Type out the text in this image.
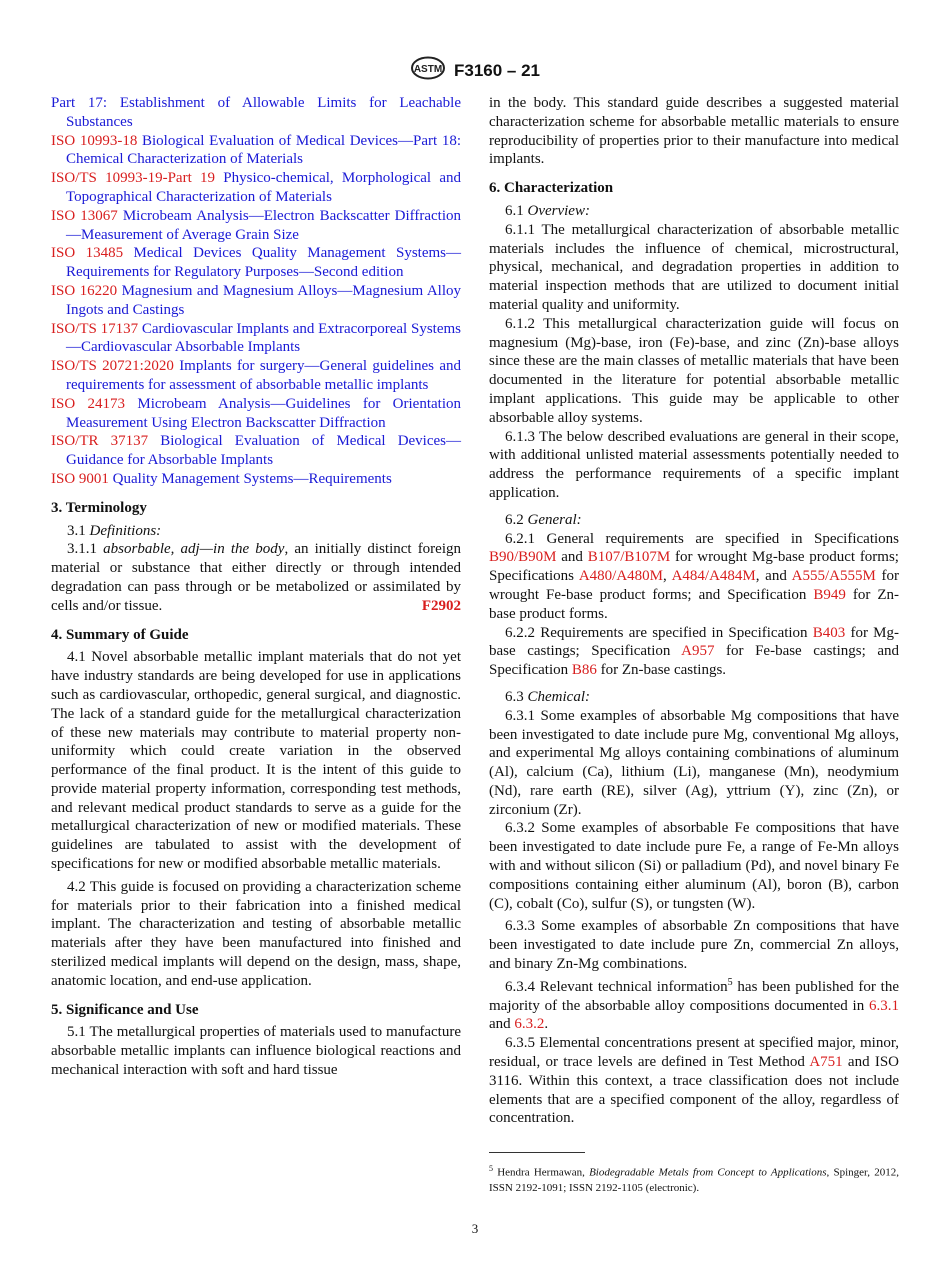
ASTM F3160 – 21
Part 17: Establishment of Allowable Limits for Leachable Substances
ISO 10993-18 Biological Evaluation of Medical Devices—Part 18: Chemical Characterization of Materials
ISO/TS 10993-19-Part 19 Physico-chemical, Morphological and Topographical Characterization of Materials
ISO 13067 Microbeam Analysis—Electron Backscatter Diffraction—Measurement of Average Grain Size
ISO 13485 Medical Devices Quality Management Systems—Requirements for Regulatory Purposes—Second edition
ISO 16220 Magnesium and Magnesium Alloys—Magnesium Alloy Ingots and Castings
ISO/TS 17137 Cardiovascular Implants and Extracorporeal Systems—Cardiovascular Absorbable Implants
ISO/TS 20721:2020 Implants for surgery—General guidelines and requirements for assessment of absorbable metallic implants
ISO 24173 Microbeam Analysis—Guidelines for Orientation Measurement Using Electron Backscatter Diffraction
ISO/TR 37137 Biological Evaluation of Medical Devices—Guidance for Absorbable Implants
ISO 9001 Quality Management Systems—Requirements

3. Terminology

3.1 Definitions:

3.1.1 absorbable, adj—in the body, an initially distinct foreign material or substance that either directly or through intended degradation can pass through or be metabolized or assimilated by cells and/or tissue.	F2902

4. Summary of Guide

4.1 Novel absorbable metallic implant materials that do not yet have industry standards are being developed for use in applications such as cardiovascular, orthopedic, general surgical, and diagnostic. The lack of a standard guide for the metallurgical characterization of these new materials may contribute to material property non-uniformity which could create variation in the observed performance of the final product. It is the intent of this guide to provide material property information, corresponding test methods, and relevant medical product standards to serve as a guide for the metallurgical characterization of new or modified materials. These guidelines are tabulated to assist with the development of specifications for new or modified absorbable metallic materials.

4.2 This guide is focused on providing a characterization scheme for materials prior to their fabrication into a finished medical implant. The characterization and testing of absorbable metallic materials after they have been manufactured into finished and sterilized medical implants will depend on the design, mass, shape, anatomic location, and end-use application.

5. Significance and Use

5.1 The metallurgical properties of materials used to manufacture absorbable metallic implants can influence biological reactions and mechanical interaction with soft and hard tissue

in the body. This standard guide describes a suggested material characterization scheme for absorbable metallic materials to ensure reproducibility of properties prior to their manufacture into medical implants.

6. Characterization

6.1 Overview:

6.1.1 The metallurgical characterization of absorbable metallic materials includes the influence of chemical, microstructural, physical, mechanical, and degradation properties in addition to material inspection methods that are utilized to document initial material quality and uniformity.

6.1.2 This metallurgical characterization guide will focus on magnesium (Mg)-base, iron (Fe)-base, and zinc (Zn)-base alloys since these are the main classes of metallic materials that have been documented in the literature for potential absorbable metallic implant applications. This guide may be applicable to other absorbable alloy systems.

6.1.3 The below described evaluations are general in their scope, with additional unlisted material assessments potentially needed to address the performance requirements of a specific implant application.

6.2 General:

6.2.1 General requirements are specified in Specifications B90/B90M and B107/B107M for wrought Mg-base product forms; Specifications A480/A480M, A484/A484M, and A555/A555M for wrought Fe-base product forms; and Specification B949 for Zn-base product forms.

6.2.2 Requirements are specified in Specification B403 for Mg-base castings; Specification A957 for Fe-base castings; and Specification B86 for Zn-base castings.

6.3 Chemical:

6.3.1 Some examples of absorbable Mg compositions that have been investigated to date include pure Mg, conventional Mg alloys, and experimental Mg alloys containing combinations of aluminum (Al), calcium (Ca), lithium (Li), manganese (Mn), neodymium (Nd), rare earth (RE), silver (Ag), yttrium (Y), zinc (Zn), or zirconium (Zr).

6.3.2 Some examples of absorbable Fe compositions that have been investigated to date include pure Fe, a range of Fe-Mn alloys with and without silicon (Si) or palladium (Pd), and novel binary Fe compositions containing either aluminum (Al), boron (B), carbon (C), cobalt (Co), sulfur (S), or tungsten (W).

6.3.3 Some examples of absorbable Zn compositions that have been investigated to date include pure Zn, commercial Zn alloys, and binary Zn-Mg combinations.

6.3.4 Relevant technical information$^5$ has been published for the majority of the absorbable alloy compositions documented in 6.3.1 and 6.3.2.

6.3.5 Elemental concentrations present at specified major, minor, residual, or trace levels are defined in Test Method A751 and ISO 3116. Within this context, a trace classification does not include elements that are a specified component of the alloy, regardless of concentration.

$^5$ Hendra Hermawan, Biodegradable Metals from Concept to Applications, Spinger, 2012, ISSN 2192-1091; ISSN 2192-1105 (electronic).
3
